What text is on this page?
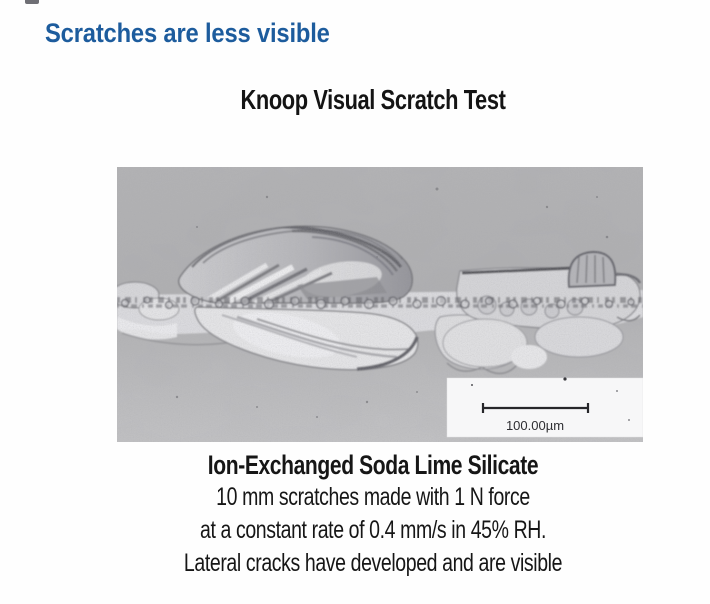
Scratches are less visible
Knoop Visual Scratch Test
100.00µm
Ion-Exchanged Soda Lime Silicate
10 mm scratches made with 1 N force
at a constant rate of 0.4 mm/s in 45% RH.
Lateral cracks have developed and are visible
